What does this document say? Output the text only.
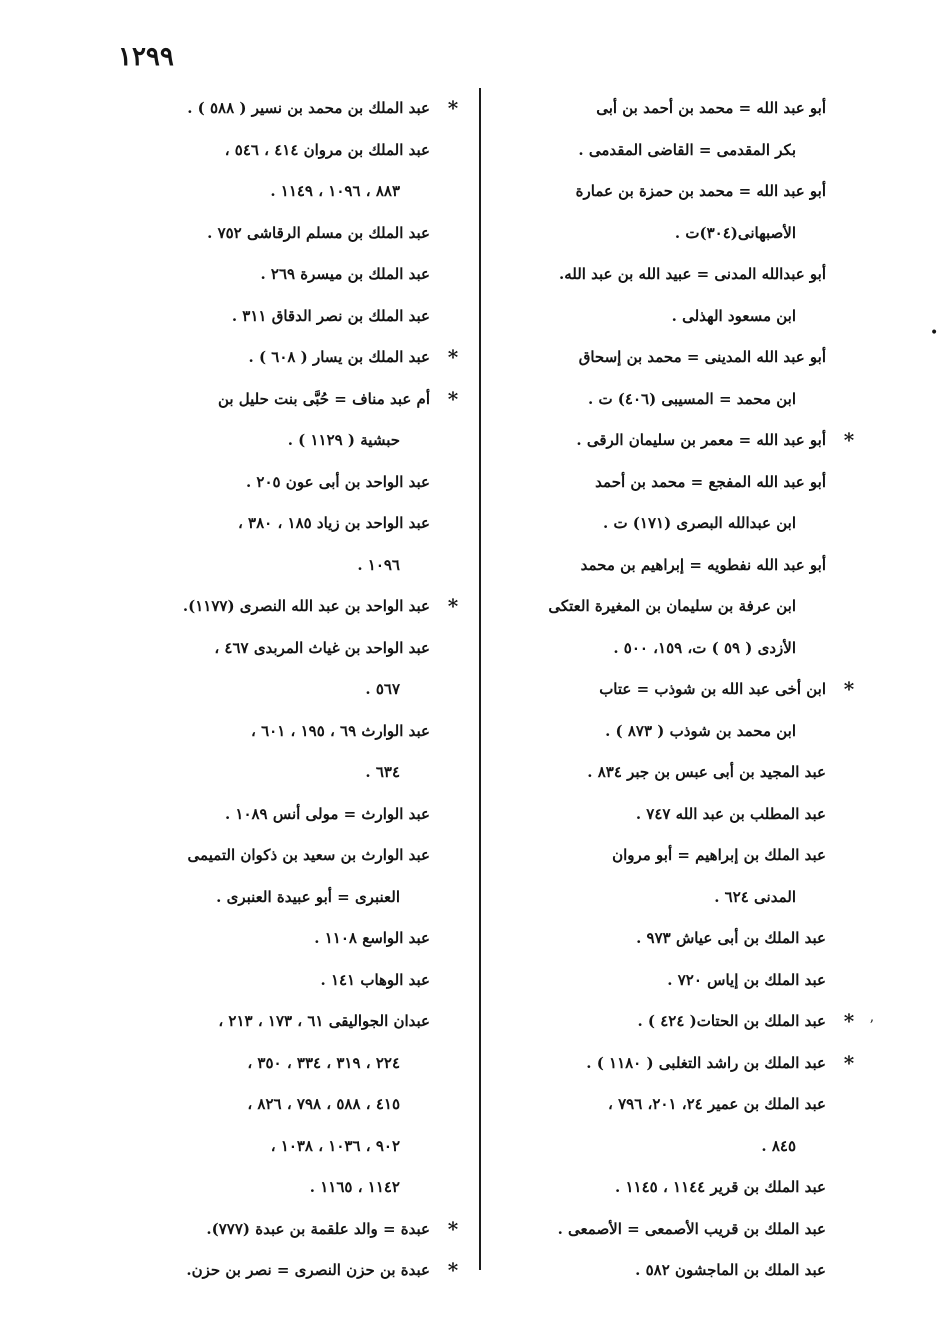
١٢٩٩
أبو عبد الله = محمد بن أحمد بن أبى
بكر المقدمى = القاضى المقدمى .
أبو عبد الله = محمد بن حمزة بن عمارة
الأصبهانى(٣٠٤)ت .
أبو عبدالله المدنى = عبيد الله بن عبد الله.
ابن مسعود الهذلى .
أبو عبد الله المدينى = محمد بن إسحاق
ابن محمد = المسيبى (٤٠٦) ت .
*
أبو عبد الله = معمر بن سليمان الرقى .
أبو عبد الله المفجع = محمد بن أحمد
ابن عبدالله البصرى (١٧١) ت .
أبو عبد الله نفطويه = إبراهيم بن محمد
ابن عرفة بن سليمان بن المغيرة العتكى
الأزدى ( ٥٩ ) ت، ١٥٩، ٥٠٠ .
*
ابن أخى عبد الله بن شوذب = عتاب
ابن محمد بن شوذب ( ٨٧٣ ) .
عبد المجيد بن أبى عبس بن جبر ٨٣٤ .
عبد المطلب بن عبد الله ٧٤٧ .
عبد الملك بن إبراهيم = أبو مروان
المدنى ٦٢٤ .
عبد الملك بن أبى عياش ٩٧٣ .
عبد الملك بن إياس ٧٢٠ .
*
عبد الملك بن الحتات( ٤٢٤ ) .
*
عبد الملك بن راشد التغلبى ( ١١٨٠ ) .
عبد الملك بن عمير ٢٤، ٢٠١، ٧٩٦ ،
٨٤٥ .
عبد الملك بن قرير ١١٤٤ ، ١١٤٥ .
عبد الملك بن قريب الأصمعى = الأصمعى .
عبد الملك بن الماجشون ٥٨٢ .
*
عبد الملك بن محمد بن نسير ( ٥٨٨ ) .
عبد الملك بن مروان ٤١٤ ، ٥٤٦ ،
٨٨٣ ، ١٠٩٦ ، ١١٤٩ .
عبد الملك بن مسلم الرقاشى ٧٥٢ .
عبد الملك بن ميسرة ٢٦٩ .
عبد الملك بن نصر الدقاق ٣١١ .
*
عبد الملك بن يسار ( ٦٠٨ ) .
*
أم عبد مناف = حُبَّى بنت حليل بن
حبشية ( ١١٢٩ ) .
عبد الواحد بن أبى عون ٢٠٥ .
عبد الواحد بن زياد ١٨٥ ، ٣٨٠ ،
١٠٩٦ .
*
عبد الواحد بن عبد الله النصرى (١١٧٧).
عبد الواحد بن غياث المربدى ٤٦٧ ،
٥٦٧ .
عبد الوارث ٦٩ ، ١٩٥ ، ٦٠١ ،
٦٣٤ .
عبد الوارث = مولى أنس ١٠٨٩ .
عبد الوارث بن سعيد بن ذكوان التميمى
العنبرى = أبو عبيدة العنبرى .
عبد الواسع ١١٠٨ .
عبد الوهاب ١٤١ .
عبدان الجواليقى ٦١ ، ١٧٣ ، ٢١٣ ،
٢٢٤ ، ٣١٩ ، ٣٣٤ ، ٣٥٠ ،
٤١٥ ، ٥٨٨ ، ٧٩٨ ، ٨٢٦ ،
٩٠٢ ، ١٠٣٦ ، ١٠٣٨ ،
١١٤٢ ، ١١٦٥ .
*
عبدة = والد علقمة بن عبدة (٧٧٧).
*
عبدة بن حزن النصرى = نصر بن حزن.
•
ʼ
